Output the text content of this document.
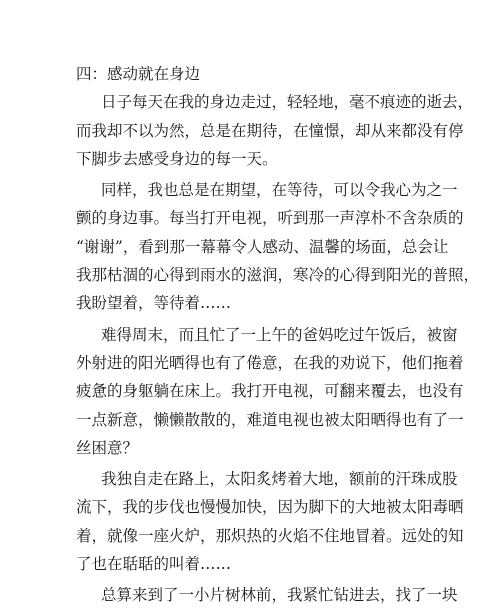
四：感动就在身边

日子每天在我的身边走过，轻轻地，毫不痕迹的逝去，
而我却不以为然，总是在期待，在憧憬，却从来都没有停
下脚步去感受身边的每一天。
同样，我也总是在期望，在等待，可以令我心为之一
颤的身边事。每当打开电视，听到那一声淳朴不含杂质的
“谢谢”，看到那一幕幕令人感动、温馨的场面，总会让
我那枯涸的心得到雨水的滋润，寒冷的心得到阳光的普照，
我盼望着，等待着……
难得周末，而且忙了一上午的爸妈吃过午饭后，被窗
外射进的阳光晒得也有了倦意，在我的劝说下，他们拖着
疲惫的身躯躺在床上。我打开电视，可翻来覆去，也没有
一点新意，懒懒散散的，难道电视也被太阳晒得也有了一
丝困意？
我独自走在路上，太阳炙烤着大地，额前的汗珠成股
流下，我的步伐也慢慢加快，因为脚下的大地被太阳毒晒
着，就像一座火炉，那炽热的火焰不住地冒着。远处的知
了也在聒聒的叫着……
总算来到了一小片树林前，我紧忙钻进去，找了一块
